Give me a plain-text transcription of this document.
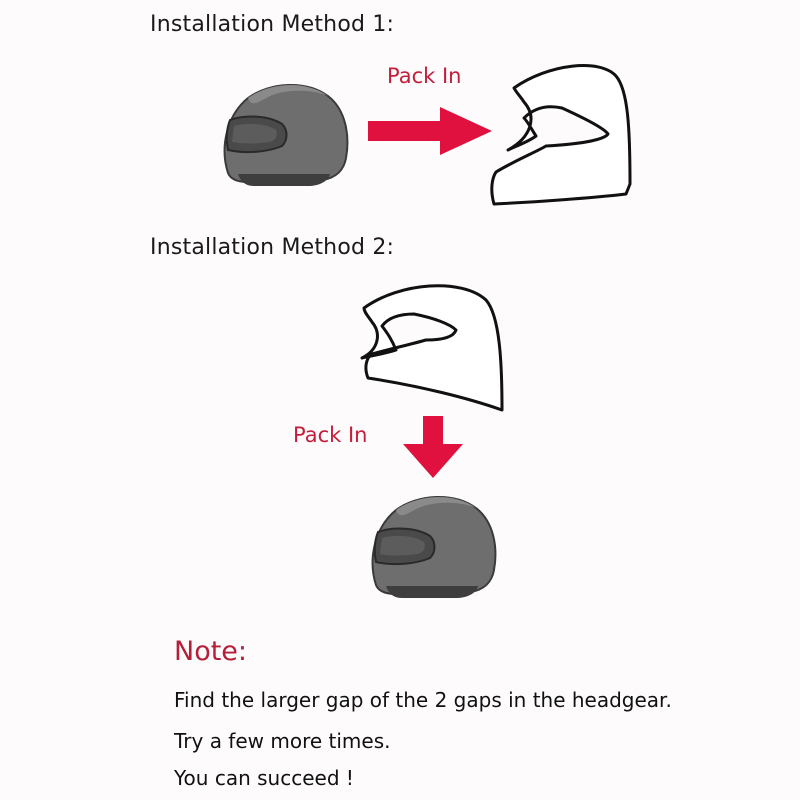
Installation Method 1:
Pack In
Installation Method 2:
Pack In
Note:
Find the larger gap of the 2 gaps in the headgear.
Try a few more times.
You can succeed !
